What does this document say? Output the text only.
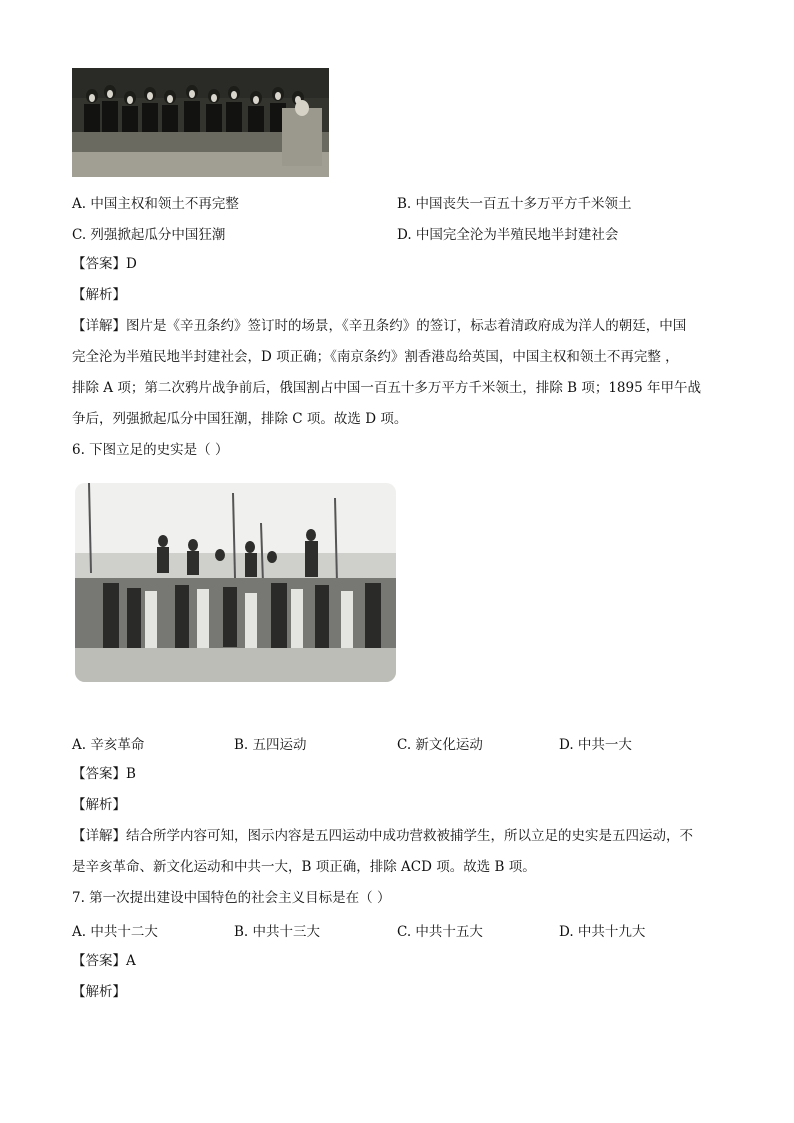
A. 中国主权和领土不再完整	B. 中国丧失一百五十多万平方千米领土
C. 列强掀起瓜分中国狂潮	D. 中国完全沦为半殖民地半封建社会
【答案】D
【解析】
【详解】图片是《辛丑条约》签订时的场景，《辛丑条约》的签订，标志着清政府成为洋人的朝廷，中国
完全沦为半殖民地半封建社会，D 项正确；《南京条约》割香港岛给英国，中国主权和领土不再完整 ，
排除 A 项；第二次鸦片战争前后，俄国割占中国一百五十多万平方千米领土，排除 B 项；1895 年甲午战
争后，列强掀起瓜分中国狂潮，排除 C 项。故选 D 项。
6. 下图立足的史实是（ ）
A. 辛亥革命	B. 五四运动	C. 新文化运动	D. 中共一大
【答案】B
【解析】
【详解】结合所学内容可知，图示内容是五四运动中成功营救被捕学生，所以立足的史实是五四运动，不
是辛亥革命、新文化运动和中共一大，B 项正确，排除 ACD 项。故选 B 项。
7. 第一次提出建设中国特色的社会主义目标是在（ ）
A. 中共十二大	B. 中共十三大	C. 中共十五大	D. 中共十九大
【答案】A
【解析】
